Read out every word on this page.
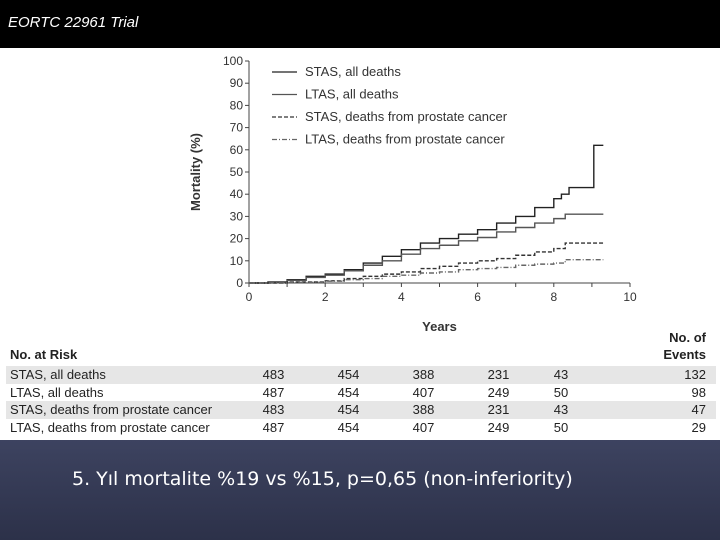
EORTC 22961 Trial
0
10
20
30
40
50
60
70
80
90
100
0	2	4	6	8	10
Years
Mortality (%)
STAS, all deaths
LTAS, all deaths
STAS, deaths from prostate cancer
LTAS, deaths from prostate cancer
No. at Risk
No. of
Events
STAS, all deaths	483	454	388	231	43		132
LTAS, all deaths	487	454	407	249	50		98
STAS, deaths from prostate cancer	483	454	388	231	43		47
LTAS, deaths from prostate cancer	487	454	407	249	50		29
5. Yıl mortalite %19 vs %15, p=0,65 (non-inferiority)
